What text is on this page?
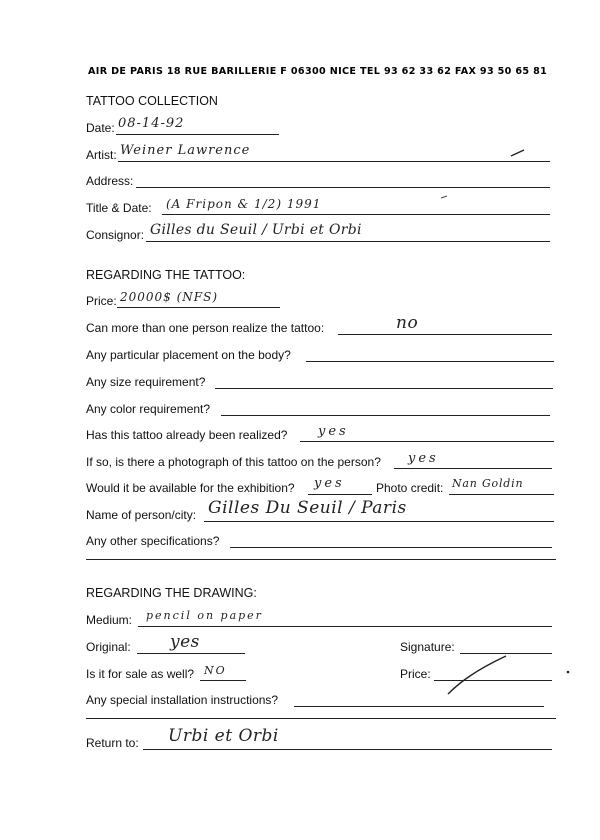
AIR DE PARIS 18 RUE BARILLERIE F 06300 NICE TEL 93 62 33 62 FAX 93 50 65 81
TATTOO COLLECTION
Date: 08-14-92
Artist: Weiner Lawrence
Address:
Title & Date: (A Fripon & 1/2) 1991
Consignor: Gilles du Seuil / Urbi et Orbi
REGARDING THE TATTOO:
Price: 20000$ (NFS)
Can more than one person realize the tattoo:	no
Any particular placement on the body?
Any size requirement?
Any color requirement?
Has this tattoo already been realized? yes
If so, is there a photograph of this tattoo on the person? yes
Would it be available for the exhibition? yes	Photo credit: Nan Goldin
Name of person/city: Gilles Du Seuil / Paris
Any other specifications?
REGARDING THE DRAWING:
Medium: pencil on paper
Original: yes	Signature:
Is it for sale as well? NO	Price:
Any special installation instructions?
Return to: Urbi et Orbi
